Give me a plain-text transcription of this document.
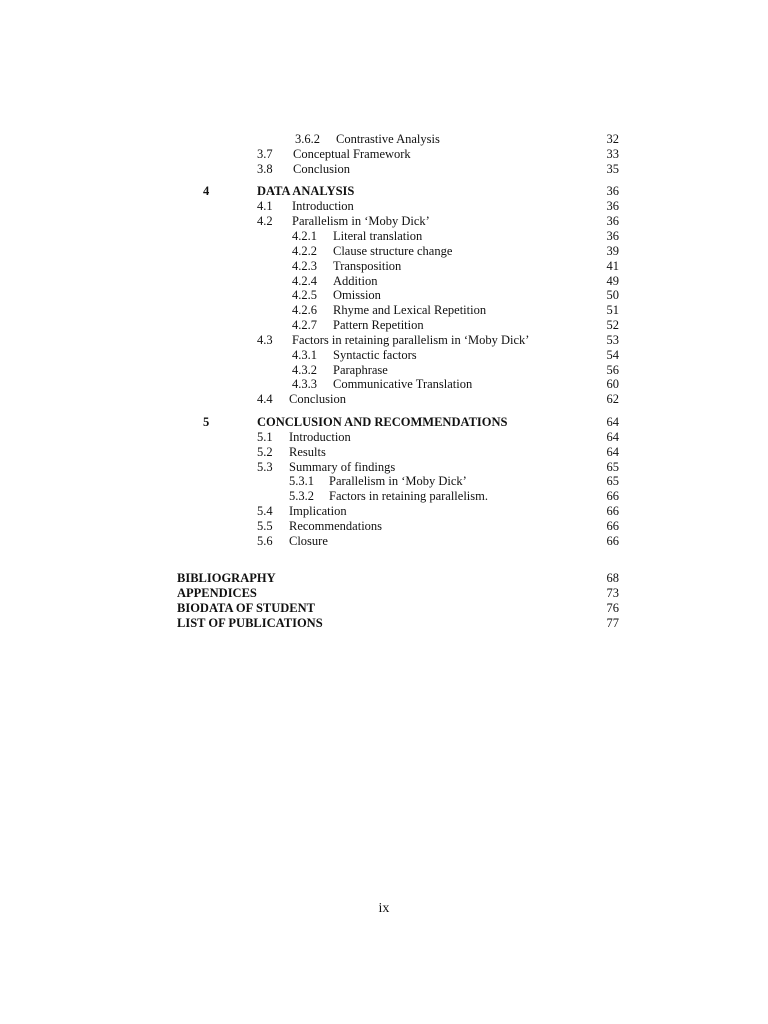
3.6.2 Contrastive Analysis	32
3.7 Conceptual Framework	33
3.8 Conclusion	35
4	DATA ANALYSIS	36
4.1 Introduction	36
4.2 Parallelism in ‘Moby Dick’	36
4.2.1 Literal translation	36
4.2.2 Clause structure change	39
4.2.3 Transposition	41
4.2.4 Addition	49
4.2.5 Omission	50
4.2.6 Rhyme and Lexical Repetition	51
4.2.7 Pattern Repetition	52
4.3 Factors in retaining parallelism in ‘Moby Dick’	53
4.3.1 Syntactic factors	54
4.3.2 Paraphrase	56
4.3.3 Communicative Translation	60
4.4 Conclusion	62
5	CONCLUSION AND RECOMMENDATIONS	64
5.1 Introduction	64
5.2 Results	64
5.3 Summary of findings	65
5.3.1 Parallelism in ‘Moby Dick’	65
5.3.2 Factors in retaining parallelism.	66
5.4 Implication	66
5.5 Recommendations	66
5.6 Closure	66
BIBLIOGRAPHY	68
APPENDICES	73
BIODATA OF STUDENT	76
LIST OF PUBLICATIONS	77
ix
